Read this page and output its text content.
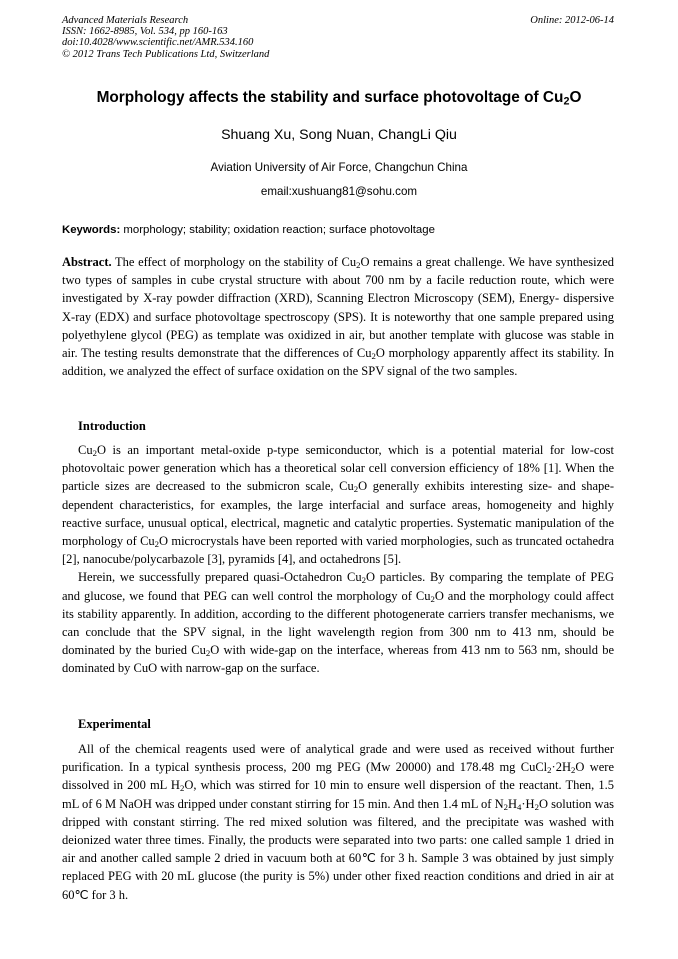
Advanced Materials Research
ISSN: 1662-8985, Vol. 534, pp 160-163
doi:10.4028/www.scientific.net/AMR.534.160
© 2012 Trans Tech Publications Ltd, Switzerland
Online: 2012-06-14
Morphology affects the stability and surface photovoltage of $Cu_2O$
Shuang Xu, Song Nuan, ChangLi Qiu
Aviation University of Air Force, Changchun China
email:xushuang81@sohu.com
Keywords: morphology; stability; oxidation reaction; surface photovoltage

Abstract. The effect of morphology on the stability of $Cu_2O$ remains a great challenge. We have synthesized two types of samples in cube crystal structure with about 700 nm by a facile reduction route, which were investigated by X-ray powder diffraction (XRD), Scanning Electron Microscopy (SEM), Energy- dispersive X-ray (EDX) and surface photovoltage spectroscopy (SPS). It is noteworthy that one sample prepared using polyethylene glycol (PEG) as template was oxidized in air, but another template with glucose was stable in air. The testing results demonstrate that the differences of $Cu_2O$ morphology apparently affect its stability. In addition, we analyzed the effect of surface oxidation on the SPV signal of the two samples.

Introduction

$Cu_2O$ is an important metal-oxide p-type semiconductor, which is a potential material for low-cost photovoltaic power generation which has a theoretical solar cell conversion efficiency of 18% [1]. When the particle sizes are decreased to the submicron scale, $Cu_2O$ generally exhibits interesting size- and shape-dependent characteristics, for examples, the large interfacial and surface areas, homogeneity and highly reactive surface, unusual optical, electrical, magnetic and catalytic properties. Systematic manipulation of the morphology of $Cu_2O$ microcrystals have been reported with varied morphologies, such as truncated octahedra [2], nanocube/polycarbazole [3], pyramids [4], and octahedrons [5].

Herein, we successfully prepared quasi-Octahedron $Cu_2O$ particles. By comparing the template of PEG and glucose, we found that PEG can well control the morphology of $Cu_2O$ and the morphology could affect its stability apparently. In addition, according to the different photogenerate carriers transfer mechanisms, we can conclude that the SPV signal, in the light wavelength region from 300 nm to 413 nm, should be dominated by the buried $Cu_2O$ with wide-gap on the interface, whereas from 413 nm to 563 nm, should be dominated by CuO with narrow-gap on the surface.

Experimental

All of the chemical reagents used were of analytical grade and were used as received without further purification. In a typical synthesis process, 200 mg PEG (Mw 20000) and 178.48 mg $CuCl_2\cdot 2H_2O$ were dissolved in 200 mL $H_2O$, which was stirred for 10 min to ensure well dispersion of the reactant. Then, 1.5 mL of 6 M NaOH was dripped under constant stirring for 15 min. And then 1.4 mL of $N_2H_4\cdot H_2O$ solution was dripped with constant stirring. The red mixed solution was filtered, and the precipitate was washed with deionized water three times. Finally, the products were separated into two parts: one called sample 1 dried in air and another called sample 2 dried in vacuum both at 60℃ for 3 h. Sample 3 was obtained by just simply replaced PEG with 20 mL glucose (the purity is 5%) under other fixed reaction conditions and dried in air at 60℃ for 3 h.
